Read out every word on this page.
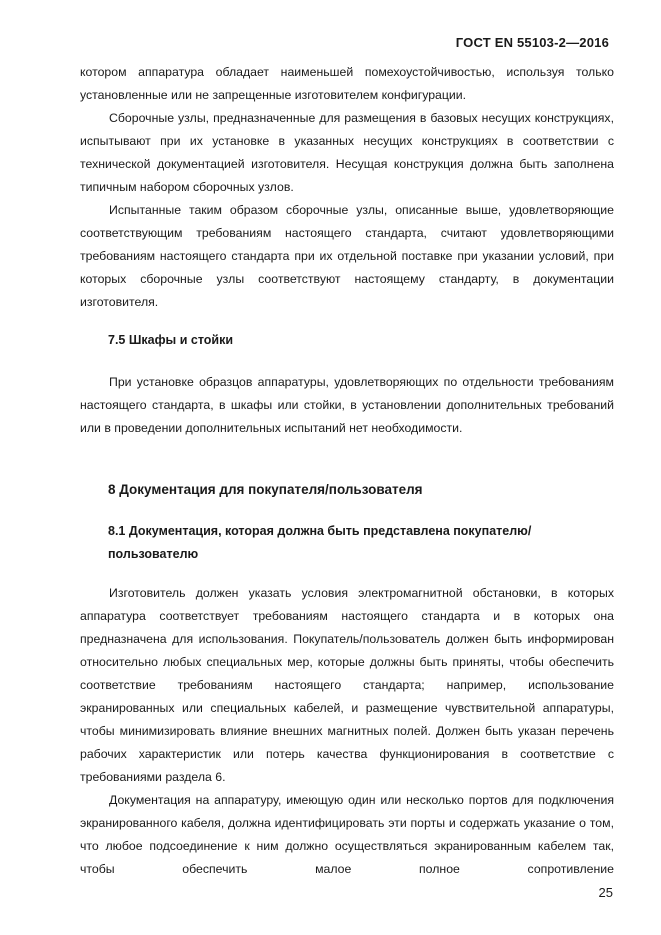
ГОСТ EN 55103-2—2016

котором аппаратура обладает наименьшей помехоустойчивостью, используя только установленные или не запрещенные изготовителем конфигурации.

Сборочные узлы, предназначенные для размещения в базовых несущих конструкциях, испытывают при их установке в указанных несущих конструкциях в соответствии с технической документацией изготовителя. Несущая конструкция должна быть заполнена типичным набором сборочных узлов.

Испытанные таким образом сборочные узлы, описанные выше, удовлетворяющие соответствующим требованиям настоящего стандарта, считают удовлетворяющими требованиям настоящего стандарта при их отдельной поставке при указании условий, при которых сборочные узлы соответствуют настоящему стандарту, в документации изготовителя.

7.5 Шкафы и стойки

При установке образцов аппаратуры, удовлетворяющих по отдельности требованиям настоящего стандарта, в шкафы или стойки, в установлении дополнительных требований или в проведении дополнительных испытаний нет необходимости.

8 Документация для покупателя/пользователя
8.1 Документация, которая должна быть представлена покупателю/ пользователю

Изготовитель должен указать условия электромагнитной обстановки, в которых аппаратура соответствует требованиям настоящего стандарта и в которых она предназначена для использования. Покупатель/пользователь должен быть информирован относительно любых специальных мер, которые должны быть приняты, чтобы обеспечить соответствие требованиям настоящего стандарта; например, использование экранированных или специальных кабелей, и размещение чувствительной аппаратуры, чтобы минимизировать влияние внешних магнитных полей. Должен быть указан перечень рабочих характеристик или потерь качества функционирования в соответствие с требованиями раздела 6.

Документация на аппаратуру, имеющую один или несколько портов для подключения экранированного кабеля, должна идентифицировать эти порты и содержать указание о том, что любое подсоединение к ним должно осуществляться экранированным кабелем так, чтобы обеспечить малое полное сопротивление

25
